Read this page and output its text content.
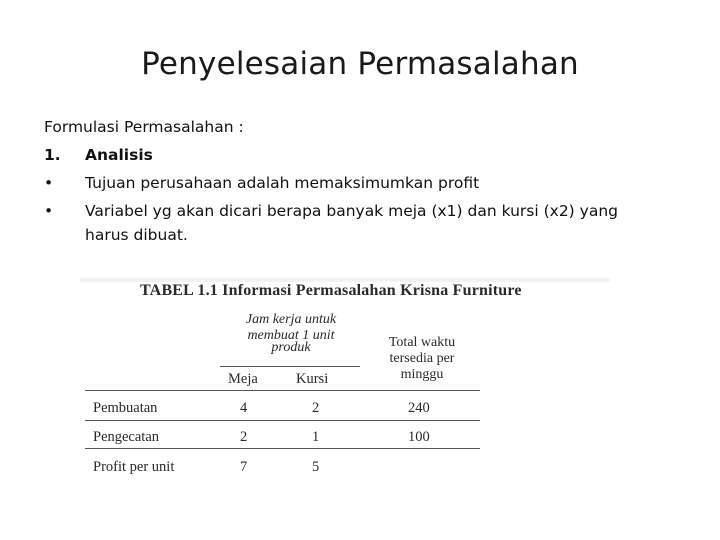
Penyelesaian Permasalahan
Formulasi Permasalahan :
1.	Analisis
•	Tujuan perusahaan adalah memaksimumkan profit
•	Variabel yg akan dicari berapa banyak meja (x1) dan kursi (x2) yang
harus dibuat.
TABEL 1.1 Informasi Permasalahan Krisna Furniture
Jam kerja untuk
membuat 1 unit
produk	Total waktu
tersedia per
minggu
Meja	Kursi
Pembuatan	4	2	240
Pengecatan	2	1	100
Profit per unit	7	5
